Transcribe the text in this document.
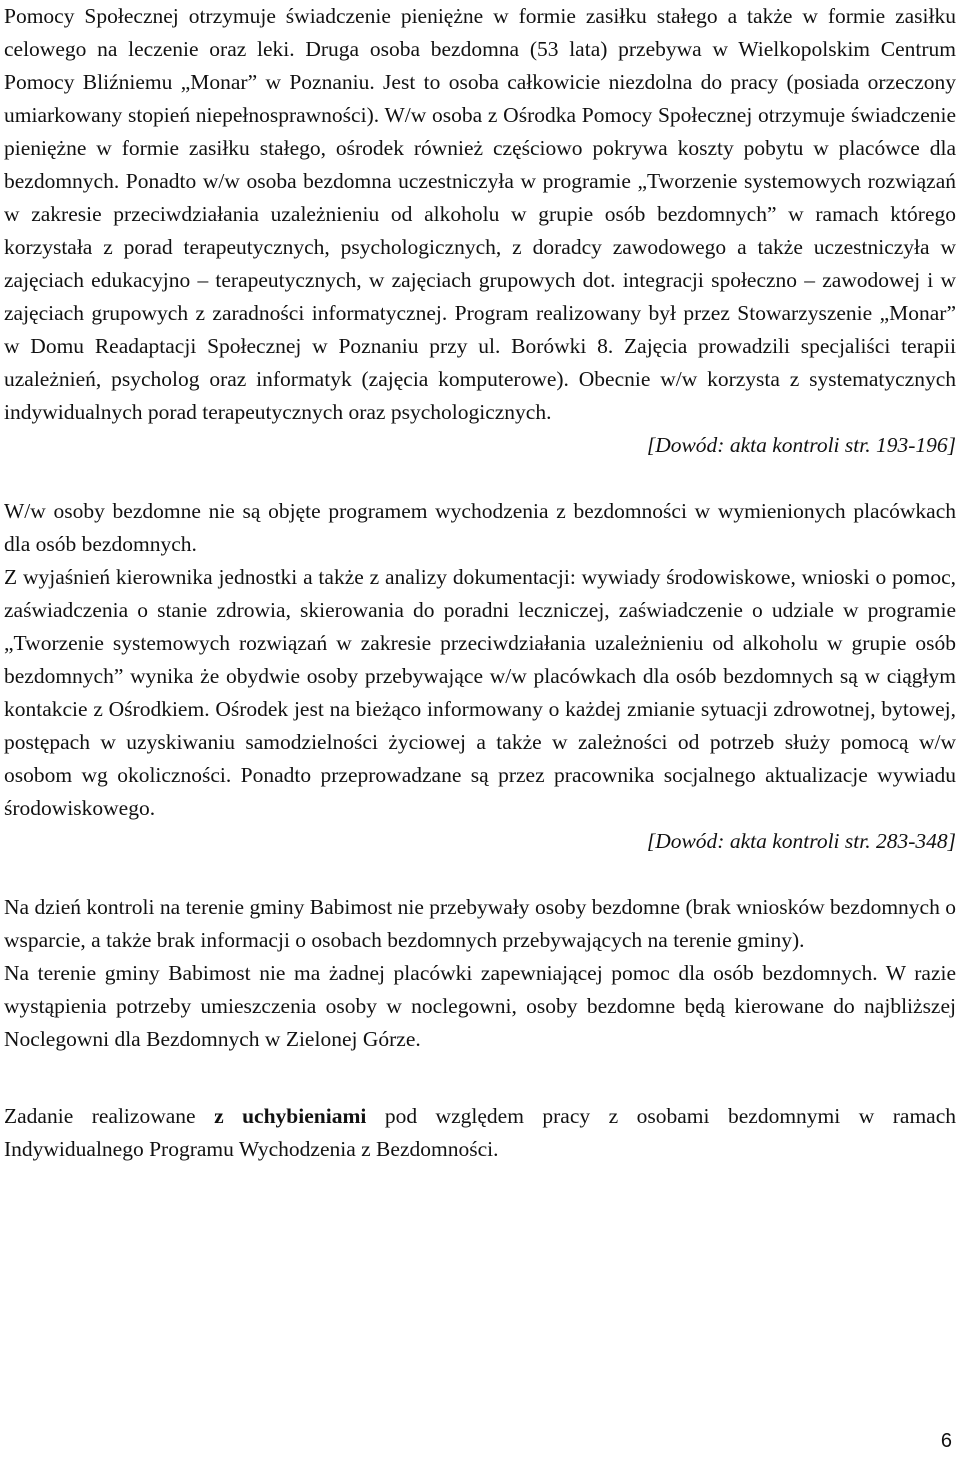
Pomocy Społecznej otrzymuje świadczenie pieniężne w formie zasiłku stałego a także w formie zasiłku celowego na leczenie oraz leki. Druga osoba bezdomna (53 lata) przebywa w Wielkopolskim Centrum Pomocy Bliźniemu „Monar” w Poznaniu. Jest to osoba całkowicie niezdolna do pracy (posiada orzeczony umiarkowany stopień niepełnosprawności). W/w osoba z Ośrodka Pomocy Społecznej otrzymuje świadczenie pieniężne w formie zasiłku stałego, ośrodek również częściowo pokrywa koszty pobytu w placówce dla bezdomnych. Ponadto w/w osoba bezdomna uczestniczyła w programie „Tworzenie systemowych rozwiązań w zakresie przeciwdziałania uzależnieniu od alkoholu w grupie osób bezdomnych” w ramach którego korzystała z porad terapeutycznych, psychologicznych, z doradcy zawodowego a także uczestniczyła w zajęciach edukacyjno – terapeutycznych, w zajęciach grupowych dot. integracji społeczno – zawodowej i w zajęciach grupowych z zaradności informatycznej. Program realizowany był przez Stowarzyszenie „Monar” w Domu Readaptacji Społecznej w Poznaniu przy ul. Borówki 8. Zajęcia prowadzili specjaliści terapii uzależnień, psycholog oraz informatyk (zajęcia komputerowe). Obecnie w/w korzysta z systematycznych indywidualnych porad terapeutycznych oraz psychologicznych.

[Dowód: akta kontroli str. 193-196]

W/w osoby bezdomne nie są objęte programem wychodzenia z bezdomności w wymienionych placówkach dla osób bezdomnych.

Z wyjaśnień kierownika jednostki a także z analizy dokumentacji: wywiady środowiskowe, wnioski o pomoc, zaświadczenia o stanie zdrowia, skierowania do poradni leczniczej, zaświadczenie o udziale w programie „Tworzenie systemowych rozwiązań w zakresie przeciwdziałania uzależnieniu od alkoholu w grupie osób bezdomnych” wynika że obydwie osoby przebywające w/w placówkach dla osób bezdomnych są w ciągłym kontakcie z Ośrodkiem. Ośrodek jest na bieżąco informowany o każdej zmianie sytuacji zdrowotnej, bytowej, postępach w uzyskiwaniu samodzielności życiowej a także w zależności od potrzeb służy pomocą w/w osobom wg okoliczności. Ponadto przeprowadzane są przez pracownika socjalnego aktualizacje wywiadu środowiskowego.

[Dowód: akta kontroli str. 283-348]

Na dzień kontroli na terenie gminy Babimost nie przebywały osoby bezdomne (brak wniosków bezdomnych o wsparcie, a także brak informacji o osobach bezdomnych przebywających na terenie gminy).

Na terenie gminy Babimost nie ma żadnej placówki zapewniającej pomoc dla osób bezdomnych. W razie wystąpienia potrzeby umieszczenia osoby w noclegowni, osoby bezdomne będą kierowane do najbliższej Noclegowni dla Bezdomnych w Zielonej Górze.

Zadanie realizowane z uchybieniami pod względem pracy z osobami bezdomnymi w ramach Indywidualnego Programu Wychodzenia z Bezdomności.

6
